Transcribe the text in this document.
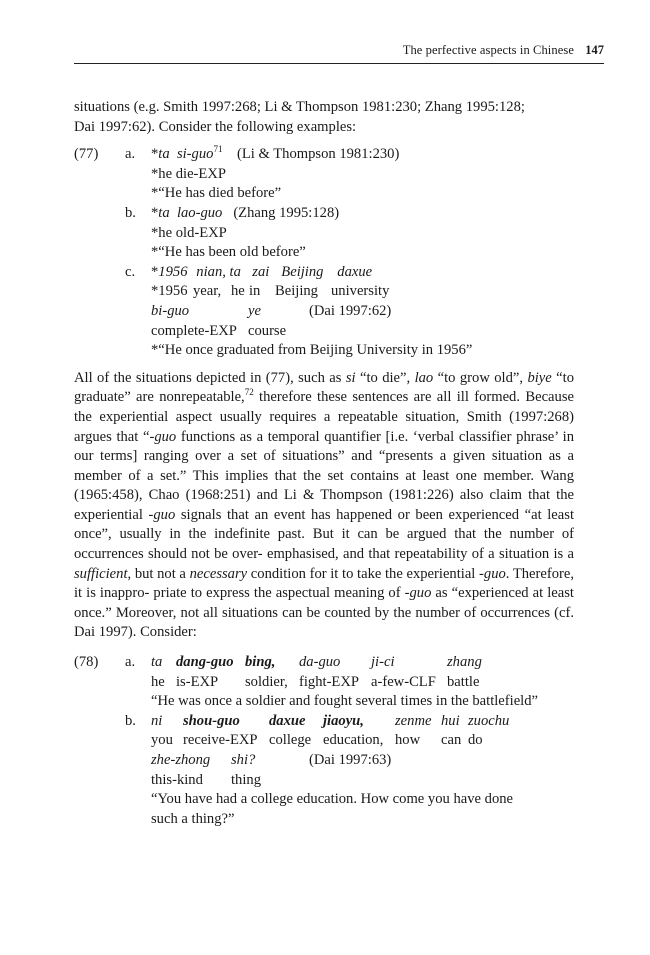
The perfective aspects in Chinese 147

situations (e.g. Smith 1997:268; Li & Thompson 1981:230; Zhang 1995:128;
Dai 1997:62). Consider the following examples:

(77) a. *ta si-guo$^{71}$ (Li & Thompson 1981:230)
*he die-EXP
*“He has died before”
b. *ta lao-guo (Zhang 1995:128)
*he old-EXP
*“He has been old before”
c. *1956 nian, ta zai Beijing daxue
*1956 year, he in Beijing university
bi-guo	ye	(Dai 1997:62)
complete-EXP course
*“He once graduated from Beijing University in 1956”

All of the situations depicted in (77), such as si “to die”, lao “to grow old”, biye “to graduate” are nonrepeatable,$^{72}$ therefore these sentences are all ill formed. Because the experiential aspect usually requires a repeatable situation, Smith (1997:268) argues that “-guo functions as a temporal quantifier [i.e. ‘verbal classifier phrase’ in our terms] ranging over a set of situations” and “presents a given situation as a member of a set.” This implies that the set contains at least one member. Wang (1965:458), Chao (1968:251) and Li & Thompson (1981:226) also claim that the experiential -guo signals that an event has happened or been experienced “at least once”, usually in the indefinite past. But it can be argued that the number of occurrences should not be over- emphasised, and that repeatability of a situation is a sufficient, but not a necessary condition for it to take the experiential -guo. Therefore, it is inappro- priate to express the aspectual meaning of -guo as “experienced at least once.” Moreover, not all situations can be counted by the number of occurrences (cf. Dai 1997). Consider:

(78) a. ta dang-guo bing, da-guo ji-ci	zhang
he is-EXP soldier, fight-EXP a-few-CLF battle
“He was once a soldier and fought several times in the battlefield”
b. ni shou-guo daxue jiaoyu, zenme hui zuochu
you receive-EXP college education, how can do
zhe-zhong shi?	(Dai 1997:63)
this-kind thing
“You have had a college education. How come you have done
such a thing?”
